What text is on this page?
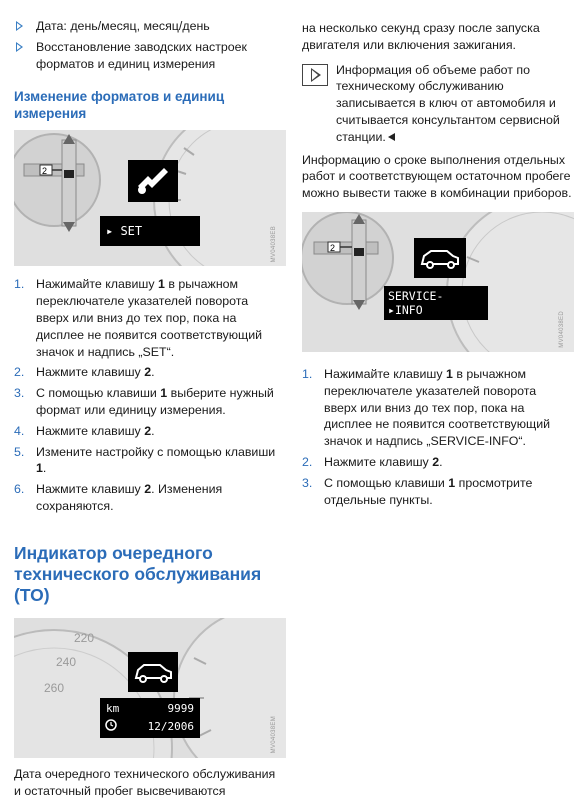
Дата: день/месяц, месяц/день
Восстановление заводских настроек форматов и единиц измерения
Изменение форматов и единиц измерения
2
▸ SET	MV04038EB
1. Нажимайте клавишу 1 в рычажном переключателе указателей поворота вверх или вниз до тех пор, пока на дисплее не появится соответствующий значок и надпись „SET“.
2. Нажмите клавишу 2.
3. С помощью клавиши 1 выберите нужный формат или единицу измерения.
4. Нажмите клавишу 2.
5. Измените настройку с помощью клавиши 1.
6. Нажмите клавишу 2. Изменения сохраняются.
Индикатор очередного технического обслуживания (ТО)
220
240
260
km	9999
12/2006	MV04038EM

Дата очередного технического обслуживания и остаточный пробег высвечиваются

на несколько секунд сразу после запуска двигателя или включения зажигания.

Информация об объеме работ по техническому обслуживанию записывается в ключ от автомобиля и считывается консультантом сервисной станции.

Информацию о сроке выполнения отдельных работ и соответствующем остаточном пробеге можно вывести также в комбинации приборов.

2
SERVICE-
▸INFO
MV04038ED
1. Нажимайте клавишу 1 в рычажном переключателе указателей поворота вверх или вниз до тех пор, пока на дисплее не появится соответствующий значок и надпись „SERVICE-INFO“.
2. Нажмите клавишу 2.
3. С помощью клавиши 1 просмотрите отдельные пункты.
